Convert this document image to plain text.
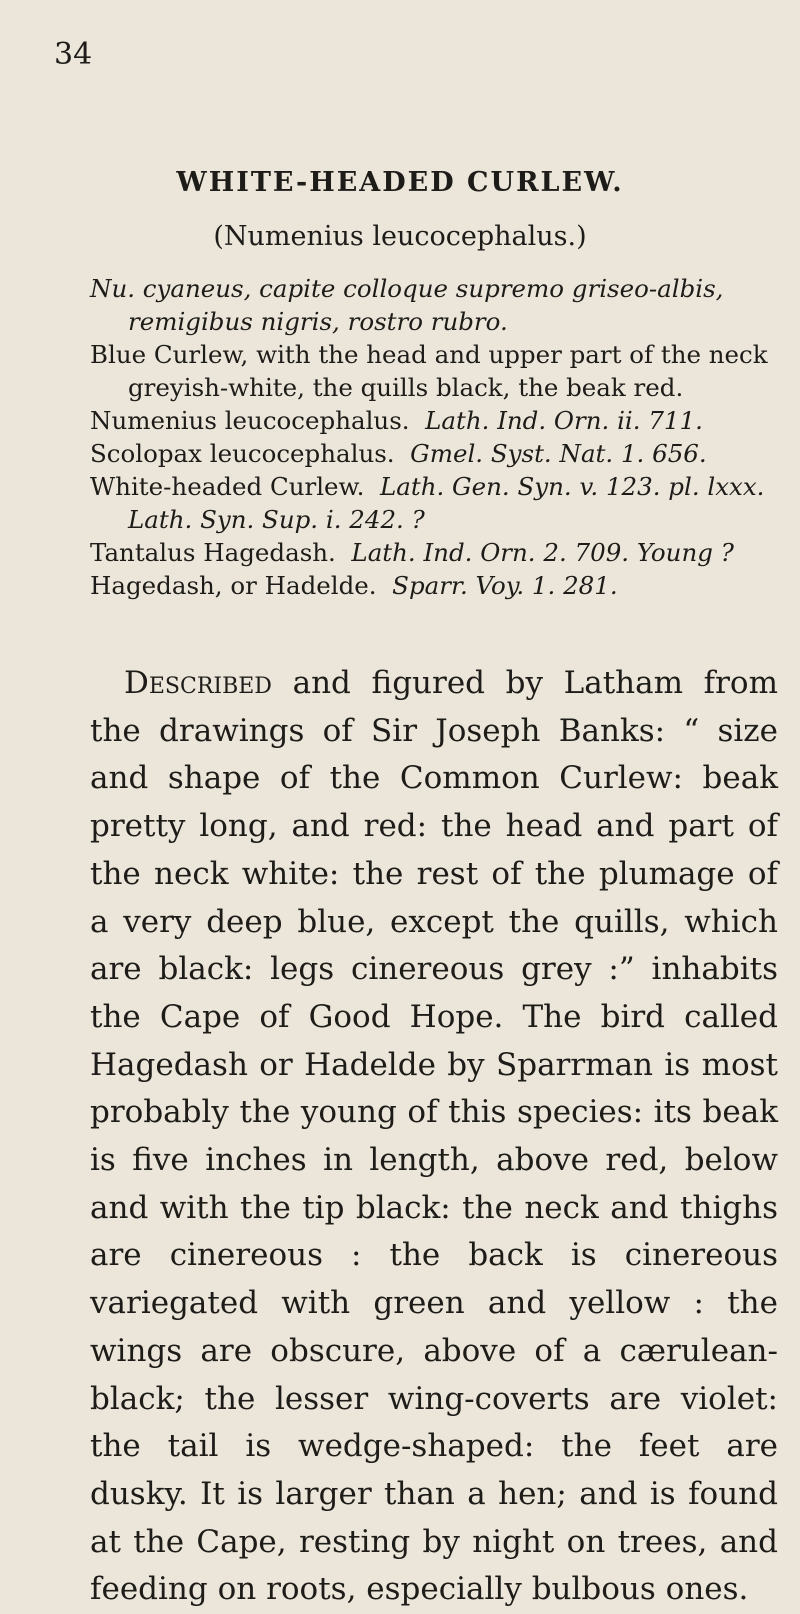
34
WHITE-HEADED CURLEW.
(Numenius leucocephalus.)

Nu. cyaneus, capite colloque supremo griseo-albis, remigibus nigris, rostro rubro.

Blue Curlew, with the head and upper part of the neck greyish-white, the quills black, the beak red.

Numenius leucocephalus. Lath. Ind. Orn. ii. 711.

Scolopax leucocephalus. Gmel. Syst. Nat. 1. 656.

White-headed Curlew. Lath. Gen. Syn. v. 123. pl. lxxx. Lath. Syn. Sup. i. 242. ?

Tantalus Hagedash. Lath. Ind. Orn. 2. 709. Young ?

Hagedash, or Hadelde. Sparr. Voy. 1. 281.

Described and figured by Latham from the drawings of Sir Joseph Banks: “ size and shape of the Common Curlew: beak pretty long, and red: the head and part of the neck white: the rest of the plumage of a very deep blue, except the quills, which are black: legs cinereous grey :” inhabits the Cape of Good Hope. The bird called Hagedash or Hadelde by Sparrman is most probably the young of this species: its beak is five inches in length, above red, below and with the tip black: the neck and thighs are cinereous : the back is cinereous variegated with green and yellow : the wings are obscure, above of a cærulean-black; the lesser wing-coverts are violet: the tail is wedge-shaped: the feet are dusky. It is larger than a hen; and is found at the Cape, resting by night on trees, and feeding on roots, especially bulbous ones.
